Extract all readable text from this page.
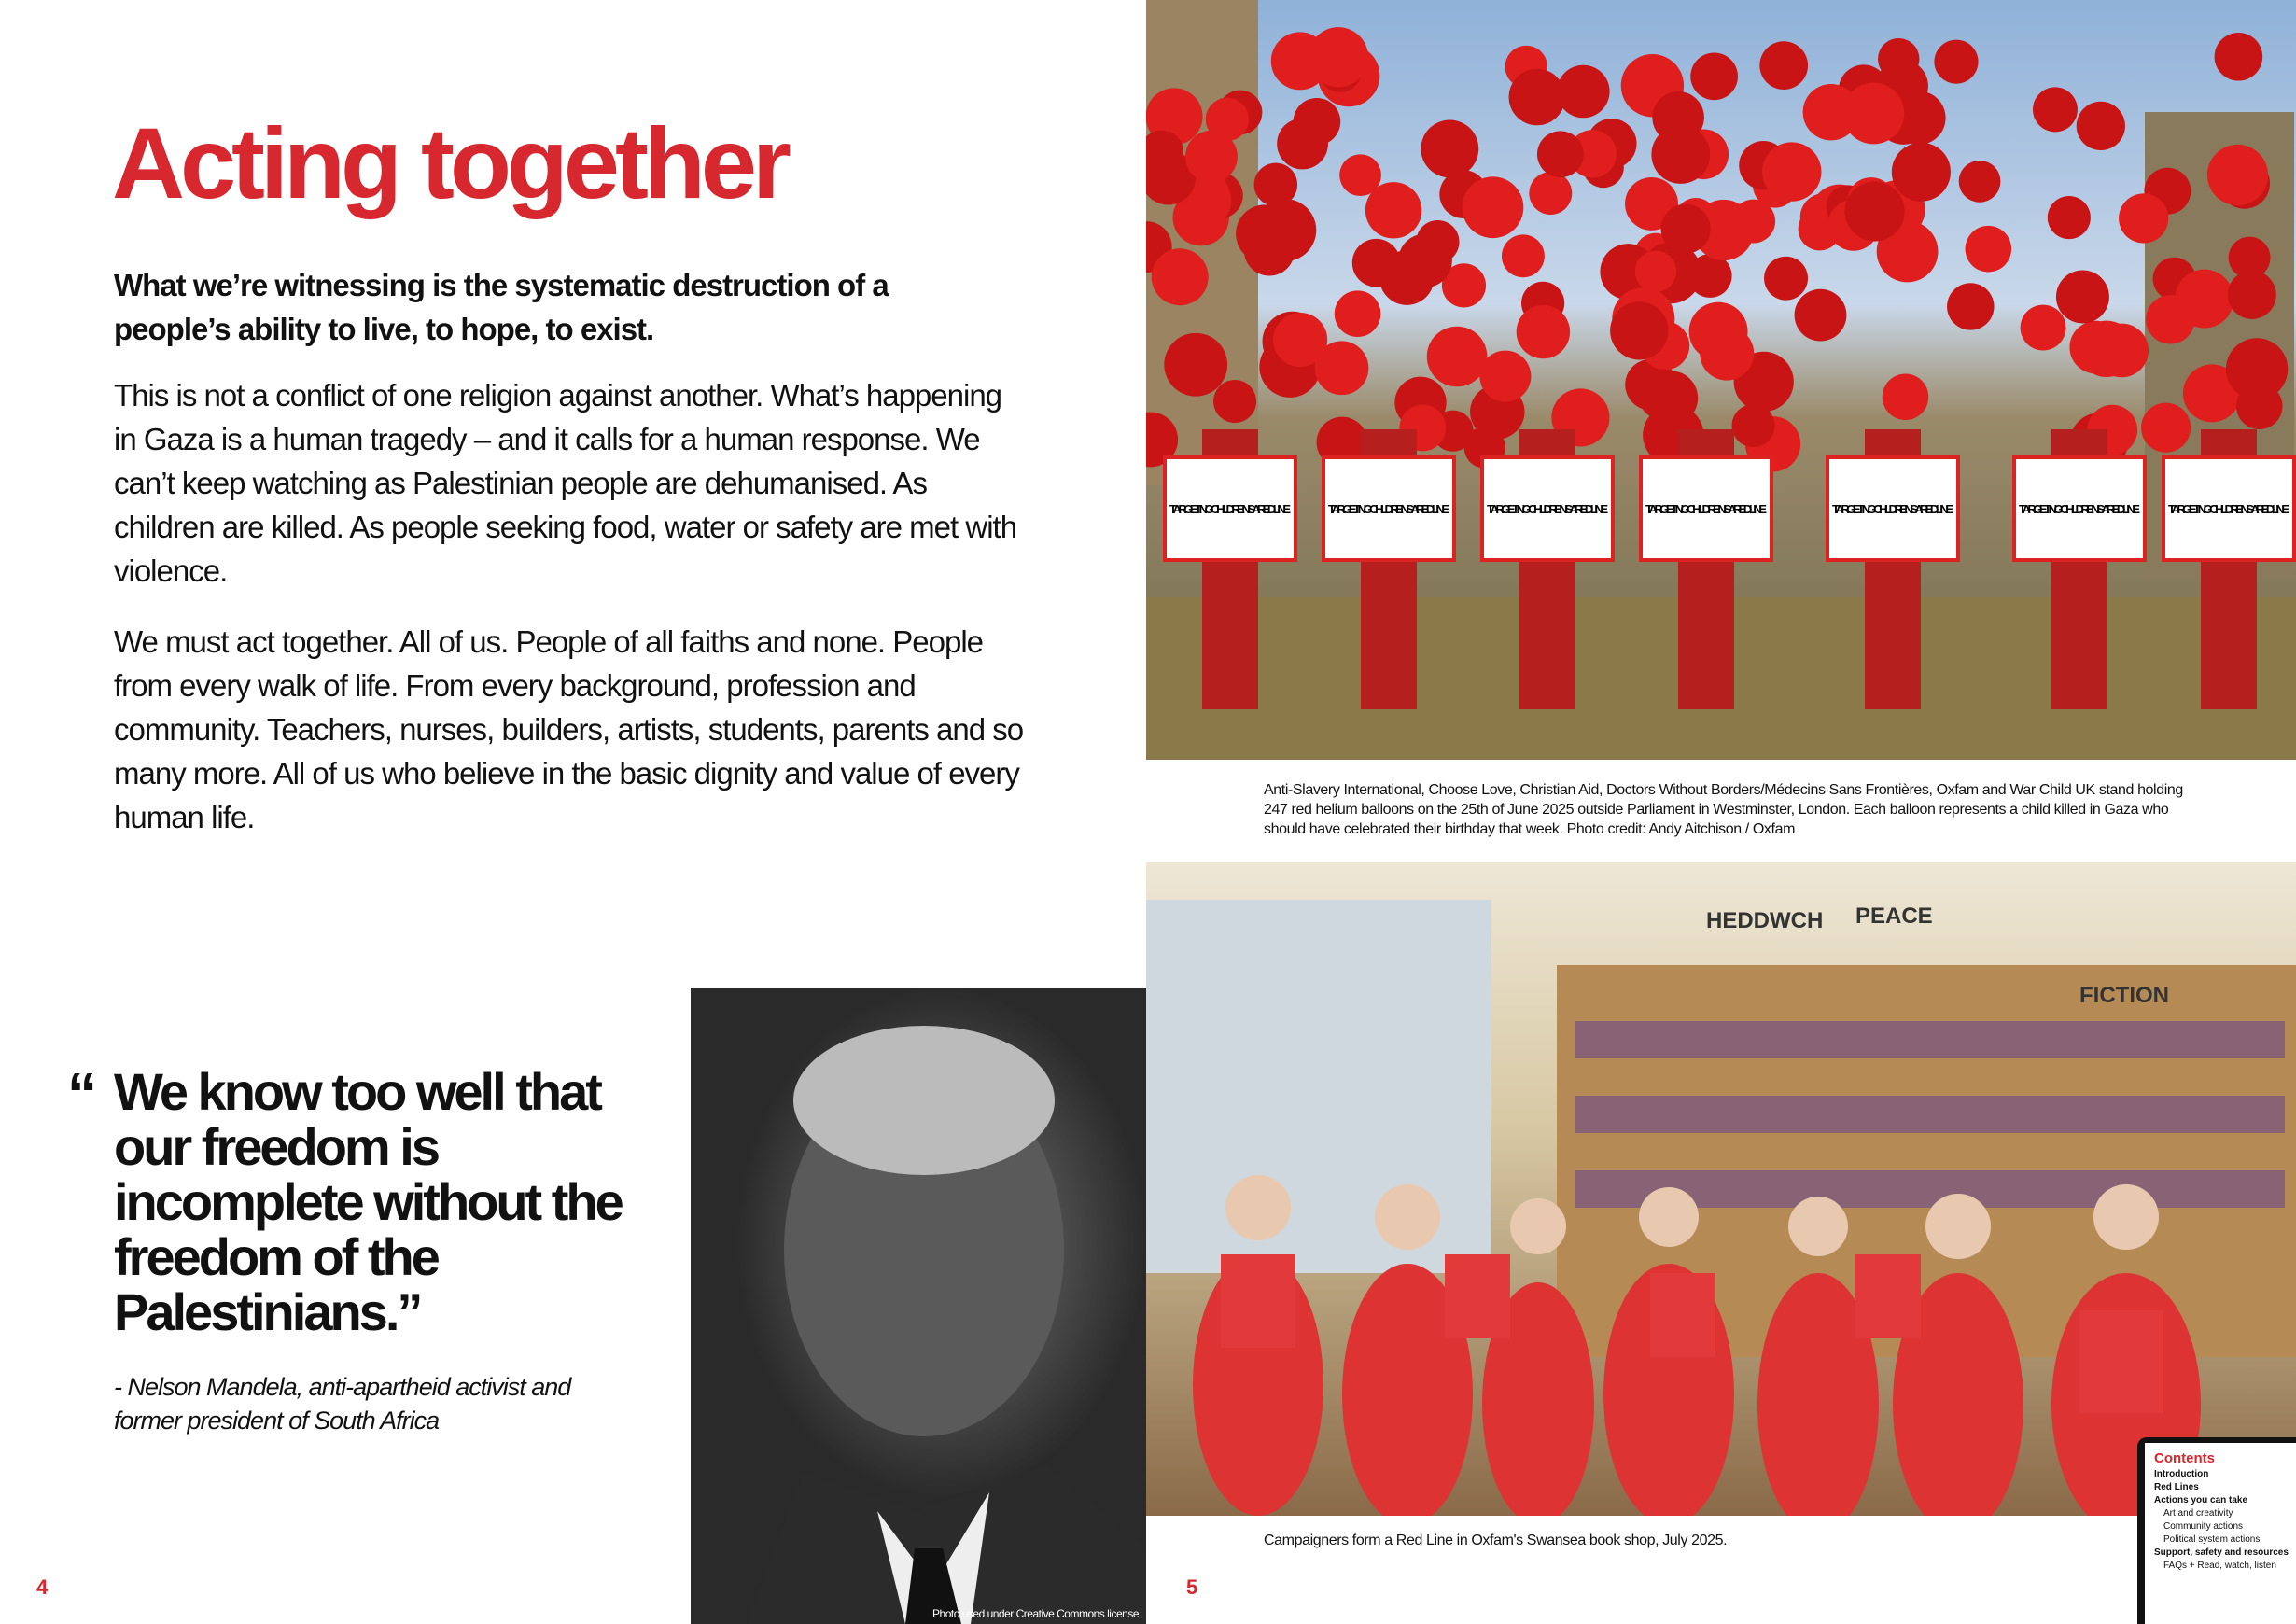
Acting together
What we’re witnessing is the systematic destruction of a people’s ability to live, to hope, to exist.
This is not a conflict of one religion against another. What’s happening in Gaza is a human tragedy – and it calls for a human response. We can’t keep watching as Palestinian people are dehumanised. As children are killed. As people seeking food, water or safety are met with violence.
We must act together. All of us. People of all faiths and none. People from every walk of life. From every background, profession and community. Teachers, nurses, builders, artists, students, parents and so many more. All of us who believe in the basic dignity and value of every human life.
“ We know too well that our freedom is incomplete without the freedom of the Palestinians.”
- Nelson Mandela, anti-apartheid activist and former president of South Africa
4
Photo used under Creative Commons license
TARGETING CHILDREN IS A RED LINE	TARGETING CHILDREN IS A RED LINE	TARGETING CHILDREN IS A RED LINE	TARGETING CHILDREN IS A RED LINE	TARGETING CHILDREN IS A RED LINE	TARGETING CHILDREN IS A RED LINE TARGETING CHILDREN IS A RED LINE
Anti-Slavery International, Choose Love, Christian Aid, Doctors Without Borders/Médecins Sans Frontières, Oxfam and War Child UK stand holding 247 red helium balloons on the 25th of June 2025 outside Parliament in Westminster, London. Each balloon represents a child killed in Gaza who should have celebrated their birthday that week. Photo credit: Andy Aitchison / Oxfam
HEDDWCH PEACE
FICTION
Campaigners form a Red Line in Oxfam's Swansea book shop, July 2025.
5
Contents
Introduction
Red Lines
Actions you can take
Art and creativity
Community actions
Political system actions
Support, safety and resources
FAQs + Read, watch, listen
